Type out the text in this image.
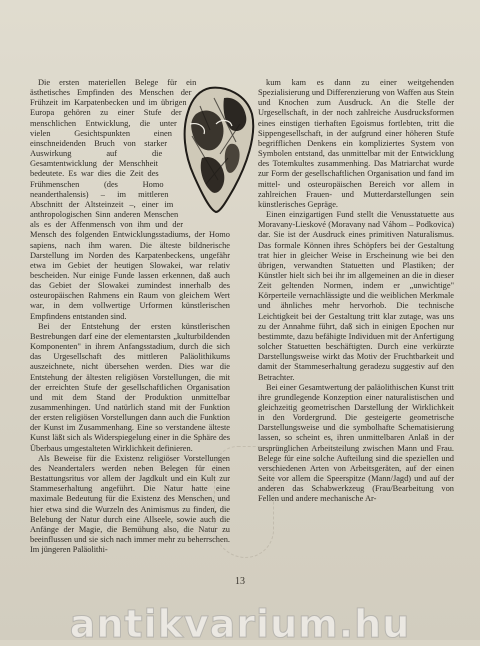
Die ersten materiellen Belege für ein ästhetisches Empfinden des Menschen der Frühzeit im Karpatenbecken und im übrigen Europa gehören zu einer Stufe der menschlichen Entwicklung, die unter vielen Gesichtspunkten einen einschneidenden Bruch von starker Auswirkung auf die Gesamtentwicklung der Menschheit bedeutete. Es war dies die Zeit des Frühmenschen (des Homo neanderthalensis) – im mittleren Abschnitt der Altsteinzeit –, einer im anthropologischen Sinn anderen Menschen als es der Affenmensch von ihm und der Mensch des folgenden Entwicklungsstadiums, der Homo sapiens, nach ihm waren. Die älteste bildnerische Darstellung im Norden des Karpatenbeckens, ungefähr etwa im Gebiet der heutigen Slowakei, war relativ bescheiden. Nur einige Funde lassen erkennen, daß auch das Gebiet der Slowakei zumindest innerhalb des osteuropäischen Rahmens ein Raum von gleichem Wert war, in dem vollwertige Urformen künstlerischen Empfindens entstanden sind.

Bei der Entstehung der ersten künstlerischen Bestrebungen darf eine der elementarsten „kulturbildenden Komponenten" in ihrem Anfangsstadium, durch die sich das Urgesellschaft des mittleren Paläolithikums auszeichnete, nicht übersehen werden. Dies war die Entstehung der ältesten religiösen Vorstellungen, die mit der erreichten Stufe der gesellschaftlichen Organisation und mit dem Stand der Produktion unmittelbar zusammenhingen. Und natürlich stand mit der Funktion der ersten religiösen Vorstellungen dann auch die Funktion der Kunst im Zusammenhang. Eine so verstandene älteste Kunst läßt sich als Widerspiegelung einer in die Sphäre des Überbaus umgestalteten Wirklichkeit definieren.

Als Beweise für die Existenz religiöser Vorstellungen des Neandertalers werden neben Belegen für einen Bestattungsritus vor allem der Jagdkult und ein Kult zur Stammeserhaltung angeführt. Die Natur hatte eine maximale Bedeutung für die Existenz des Menschen, und hier etwa sind die Wurzeln des Animismus zu finden, die Belebung der Natur durch eine Allseele, sowie auch die Anfänge der Magie, die Bemühung also, die Natur zu beeinflussen und sie sich nach immer mehr zu beherrschen. Im jüngeren Paläolithi-

kum kam es dann zu einer weitgehenden Spezialisierung und Differenzierung von Waffen aus Stein und Knochen zum Ausdruck. An die Stelle der Urgesellschaft, in der noch zahlreiche Ausdrucksformen eines einstigen tierhaften Egoismus fortlebten, tritt die Sippengesellschaft, in der aufgrund einer höheren Stufe begrifflichen Denkens ein kompliziertes System von Symbolen entstand, das unmittelbar mit der Entwicklung des Totemkultes zusammenhing. Das Matriarchat wurde zur Form der gesellschaftlichen Organisation und fand im mittel- und osteuropäischen Bereich vor allem in zahlreichen Frauen- und Mutterdarstellungen sein künstlerisches Gepräge.

Einen einzigartigen Fund stellt die Venusstatuette aus Moravany-Lieskové (Moravany nad Váhom – Podkovica) dar. Sie ist der Ausdruck eines primitiven Naturalismus. Das formale Können ihres Schöpfers bei der Gestaltung trat hier in gleicher Weise in Erscheinung wie bei den übrigen, verwandten Statuetten und Plastiken; der Künstler hielt sich bei ihr im allgemeinen an die in dieser Zeit geltenden Normen, indem er „unwichtige" Körperteile vernachlässigte und die weiblichen Merkmale und ähnliches mehr hervorhob. Die technische Leichtigkeit bei der Gestaltung tritt klar zutage, was uns zu der Annahme führt, daß sich in einigen Epochen nur bestimmte, dazu befähigte Individuen mit der Anfertigung solcher Statuetten beschäftigten. Durch eine verkürzte Darstellungsweise wirkt das Motiv der Fruchtbarkeit und damit der Stammeserhaltung geradezu suggestiv auf den Betrachter.

Bei einer Gesamtwertung der paläolithischen Kunst tritt ihre grundlegende Konzeption einer naturalistischen und gleichzeitig geometrischen Darstellung der Wirklichkeit in den Vordergrund. Die gesteigerte geometrische Darstellungsweise und die symbolhafte Schematisierung lassen, so scheint es, ihren unmittelbaren Anlaß in der ursprünglichen Arbeitsteilung zwischen Mann und Frau. Belege für eine solche Aufteilung sind die speziellen und verschiedenen Arten von Arbeitsgeräten, auf der einen Seite vor allem die Speerspitze (Mann/Jagd) und auf der anderen das Schabwerkzeug (Frau/Bearbeitung von Fellen und andere mechanische Ar-

13
antikvarium.hu
